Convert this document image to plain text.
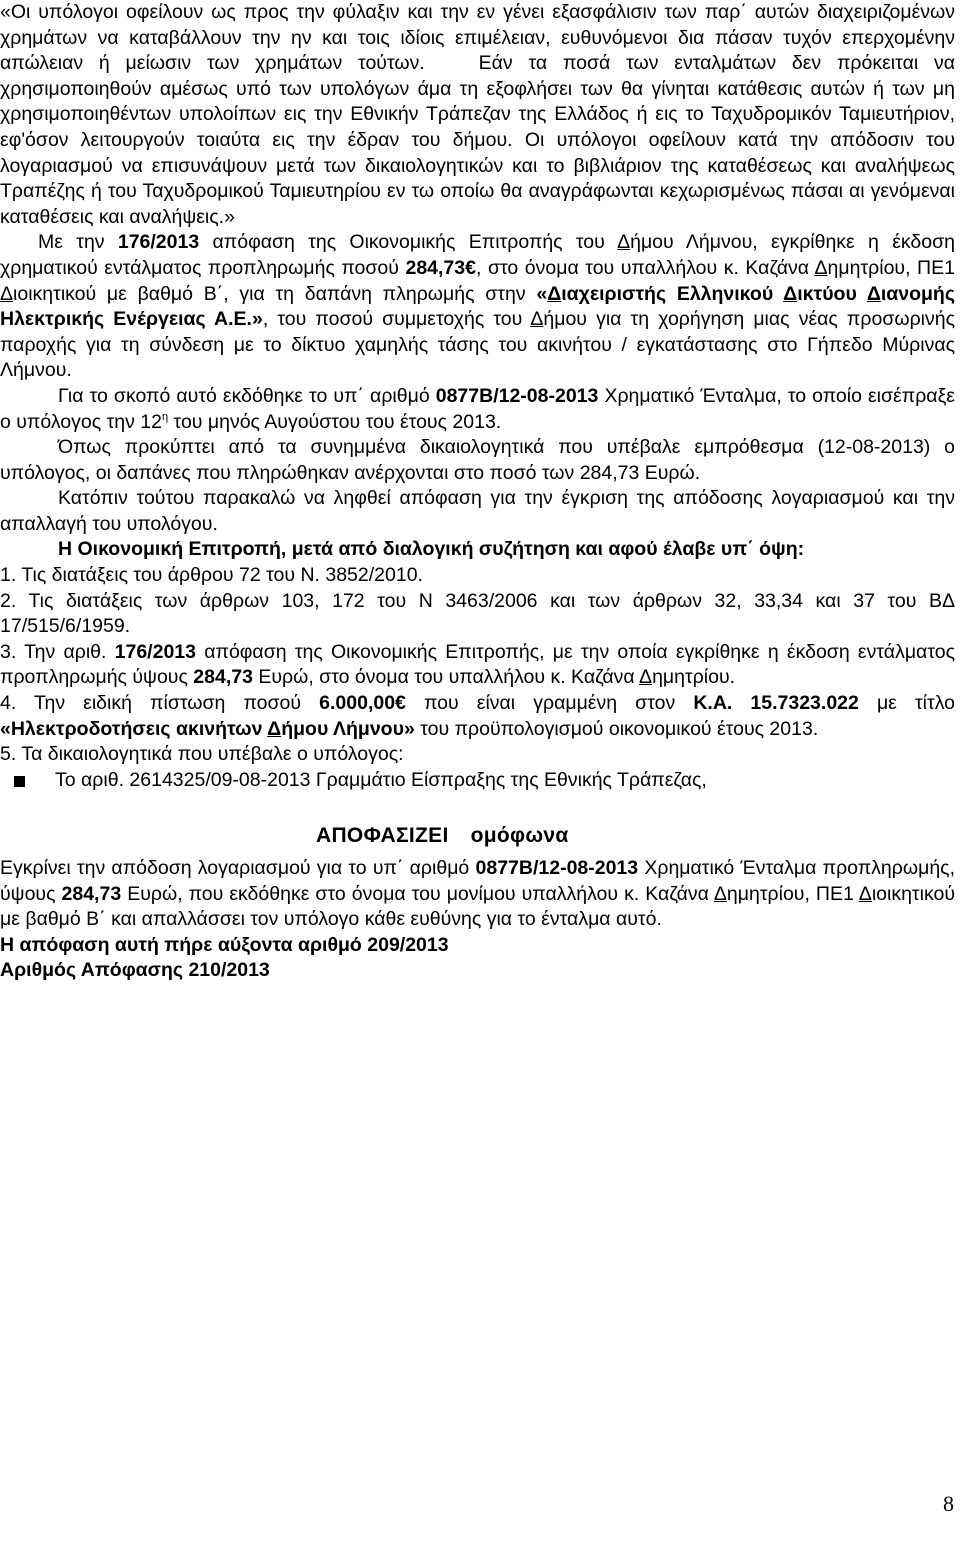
«Οι υπόλογοι οφείλουν ως προς την φύλαξιν και την εν γένει εξασφάλισιν των παρ΄ αυτών διαχειριζομένων χρημάτων να καταβάλλουν την ην και τοις ιδίοις επιμέλειαν, ευθυνόμενοι δια πάσαν τυχόν επερχομένην απώλειαν ή μείωσιν των χρημάτων τούτων.	Εάν τα ποσά των ενταλμάτων δεν πρόκειται να χρησιμοποιηθούν αμέσως υπό των υπολόγων άμα τη εξοφλήσει των θα γίνηται κατάθεσις αυτών ή των μη χρησιμοποιηθέντων υπολοίπων εις την Εθνικήν Τράπεζαν της Ελλάδος ή εις το Ταχυδρομικόν Ταμιευτήριον, εφ'όσον λειτουργούν τοιαύτα εις την έδραν του δήμου. Οι υπόλογοι οφείλουν κατά την απόδοσιν του λογαριασμού να επισυνάψουν μετά των δικαιολογητικών και το βιβλιάριον της καταθέσεως και αναλήψεως Τραπέζης ή του Ταχυδρομικού Ταμιευτηρίου εν τω οποίω θα αναγράφωνται κεχωρισμένως πάσαι αι γενόμεναι καταθέσεις και αναλήψεις.»

Με την 176/2013 απόφαση της Οικονομικής Επιτροπής του Δήμου Λήμνου, εγκρίθηκε η έκδοση χρηματικού εντάλματος προπληρωμής ποσού 284,73€, στο όνομα του υπαλλήλου κ. Καζάνα Δημητρίου, ΠΕ1 Διοικητικού με βαθμό Β΄, για τη δαπάνη πληρωμής στην «Διαχειριστής Ελληνικού Δικτύου Διανομής Ηλεκτρικής Ενέργειας Α.Ε.», του ποσού συμμετοχής του Δήμου για τη χορήγηση μιας νέας προσωρινής παροχής για τη σύνδεση με το δίκτυο χαμηλής τάσης του ακινήτου / εγκατάστασης στο Γήπεδο Μύρινας Λήμνου.

Για το σκοπό αυτό εκδόθηκε το υπ΄ αριθμό 0877Β/12-08-2013 Χρηματικό Ένταλμα, το οποίο εισέπραξε ο υπόλογος την $12^\eta$ του μηνός Αυγούστου του έτους 2013.

Όπως προκύπτει από τα συνημμένα δικαιολογητικά που υπέβαλε εμπρόθεσμα (12-08-2013) ο υπόλογος, οι δαπάνες που πληρώθηκαν ανέρχονται στο ποσό των 284,73 Ευρώ.

Κατόπιν τούτου παρακαλώ να ληφθεί απόφαση για την έγκριση της απόδοσης λογαριασμού και την απαλλαγή του υπολόγου.

Η Οικονομική Επιτροπή, μετά από διαλογική συζήτηση και αφού έλαβε υπ΄ όψη:

1. Τις διατάξεις του άρθρου 72 του Ν. 3852/2010.

2. Τις διατάξεις των άρθρων 103, 172 του Ν 3463/2006 και των άρθρων 32, 33,34 και 37 του ΒΔ 17/515/6/1959.

3. Την αριθ. 176/2013 απόφαση της Οικονομικής Επιτροπής, με την οποία εγκρίθηκε η έκδοση εντάλματος προπληρωμής ύψους 284,73 Ευρώ, στο όνομα του υπαλλήλου κ. Καζάνα Δημητρίου.

4. Την ειδική πίστωση ποσού 6.000,00€ που είναι γραμμένη στον Κ.Α. 15.7323.022 με τίτλο «Ηλεκτροδοτήσεις ακινήτων Δήμου Λήμνου» του προϋπολογισμού οικονομικού έτους 2013.

5. Τα δικαιολογητικά που υπέβαλε ο υπόλογος:

Το αριθ. 2614325/09-08-2013 Γραμμάτιο Είσπραξης της Εθνικής Τράπεζας,
ΑΠΟΦΑΣΙΖΕΙ ομόφωνα

Εγκρίνει την απόδοση λογαριασμού για το υπ΄ αριθμό 0877Β/12-08-2013 Χρηματικό Ένταλμα προπληρωμής, ύψους 284,73 Ευρώ, που εκδόθηκε στο όνομα του μονίμου υπαλλήλου κ. Καζάνα Δημητρίου, ΠΕ1 Διοικητικού με βαθμό Β΄ και απαλλάσσει τον υπόλογο κάθε ευθύνης για το ένταλμα αυτό.

Η απόφαση αυτή πήρε αύξοντα αριθμό 209/2013

Αριθμός Απόφασης 210/2013

8
